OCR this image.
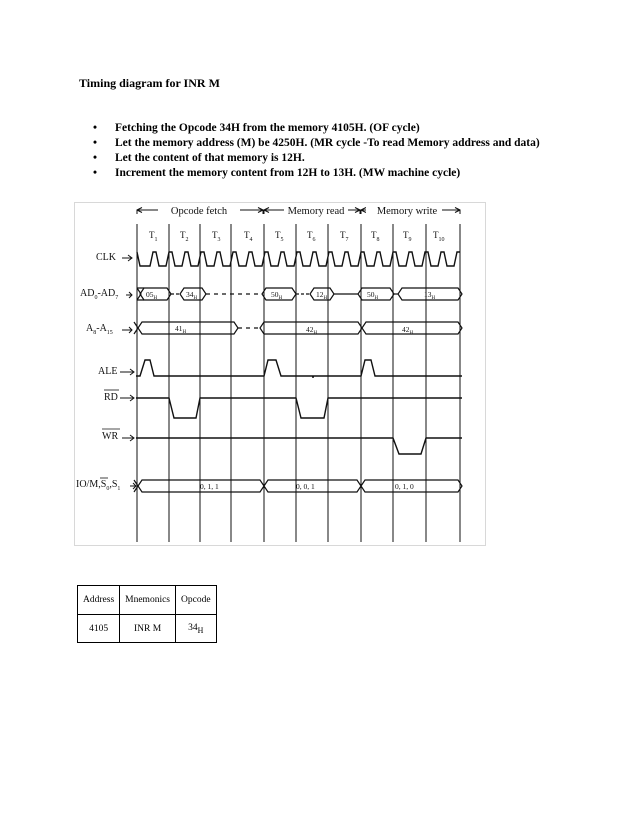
Timing diagram for INR M
• Fetching the Opcode 34H from the memory 4105H. (OF cycle)
• Let the memory address (M) be 4250H. (MR cycle -To read Memory address and data)
• Let the content of that memory is 12H.
• Increment the memory content from 12H to 13H. (MW machine cycle)
Opcode fetch	Memory read	Memory write
$T_1$	$T_2$	$T_3$	$T_4$	$T_5$	$T_6$	$T_7$	$T_8$	$T_9$ $T_{10}$
CLK
$AD_0-AD_7$
$A_8-A_{15}$
ALE
RD
WR
$IO/M,S_0,S_1$
$05_H$	$34_H$	$50_H$	$12_H$	$50_H$	$13_H$
$41_H$	$42_H$	$42_H$
0, 1, 1	0, 0, 1	0, 1, 0
Address	Mnemonics	Opcode
4105	INR M	$34_H$
